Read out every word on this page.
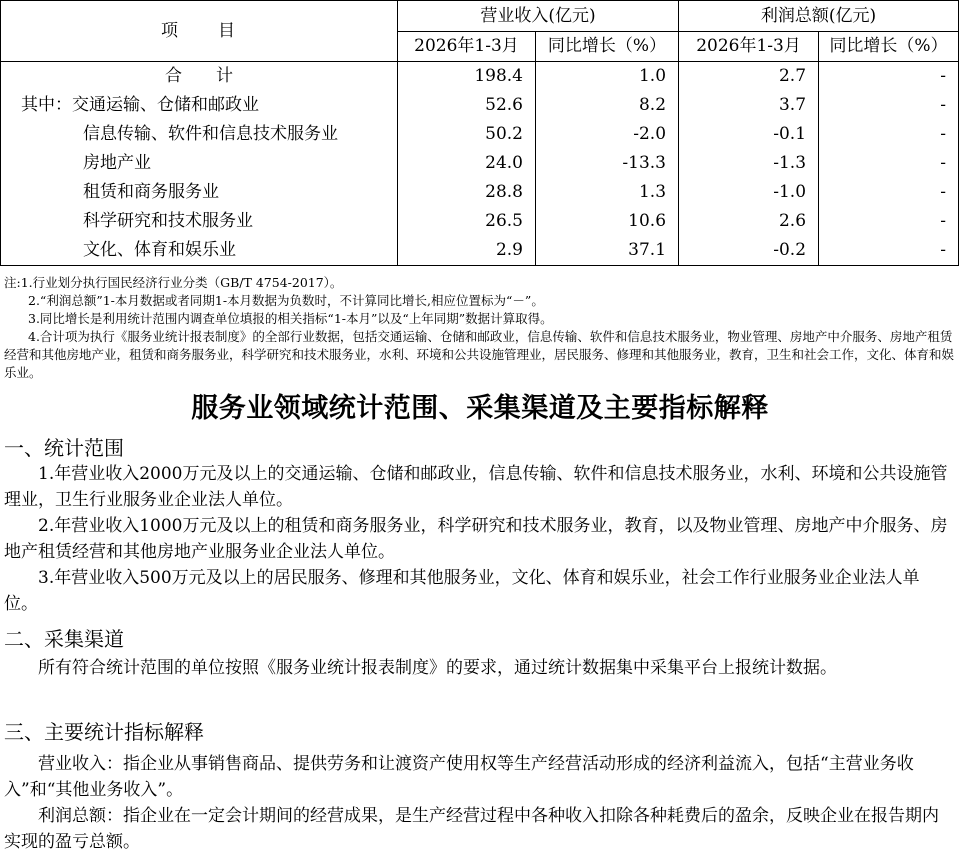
项　　目	营业收入(亿元)		利润总额(亿元)	
	2026年1-3月	同比增长（%）	2026年1-3月	同比增长（%）
合　　计	198.4	1.0	2.7	-
其中：交通运输、仓储和邮政业	52.6	8.2	3.7	-
信息传输、软件和信息技术服务业	50.2	-2.0	-0.1	-
房地产业	24.0	-13.3	-1.3	-
租赁和商务服务业	28.8	1.3	-1.0	-
科学研究和技术服务业	26.5	10.6	2.6	-
文化、体育和娱乐业	2.9	37.1	-0.2	-
注:1.行业划分执行国民经济行业分类（GB/T 4754-2017）。
2.“利润总额”1-本月数据或者同期1-本月数据为负数时，不计算同比增长,相应位置标为“－”。
3.同比增长是利用统计范围内调查单位填报的相关指标“1-本月”以及“上年同期”数据计算取得。
4.合计项为执行《服务业统计报表制度》的全部行业数据，包括交通运输、仓储和邮政业，信息传输、软件和信息技术服务业，物业管理、房地产中介服务、房地产租赁经营和其他房地产业，租赁和商务服务业，科学研究和技术服务业，水利、环境和公共设施管理业，居民服务、修理和其他服务业，教育，卫生和社会工作，文化、体育和娱乐业。
服务业领域统计范围、采集渠道及主要指标解释
一、统计范围
1.年营业收入2000万元及以上的交通运输、仓储和邮政业，信息传输、软件和信息技术服务业，水利、环境和公共设施管理业，卫生行业服务业企业法人单位。
2.年营业收入1000万元及以上的租赁和商务服务业，科学研究和技术服务业，教育，以及物业管理、房地产中介服务、房地产租赁经营和其他房地产业服务业企业法人单位。
3.年营业收入500万元及以上的居民服务、修理和其他服务业，文化、体育和娱乐业，社会工作行业服务业企业法人单位。
二、采集渠道
所有符合统计范围的单位按照《服务业统计报表制度》的要求，通过统计数据集中采集平台上报统计数据。
三、主要统计指标解释
营业收入：指企业从事销售商品、提供劳务和让渡资产使用权等生产经营活动形成的经济利益流入，包括“主营业务收入”和“其他业务收入”。
利润总额：指企业在一定会计期间的经营成果，是生产经营过程中各种收入扣除各种耗费后的盈余，反映企业在报告期内实现的盈亏总额。
